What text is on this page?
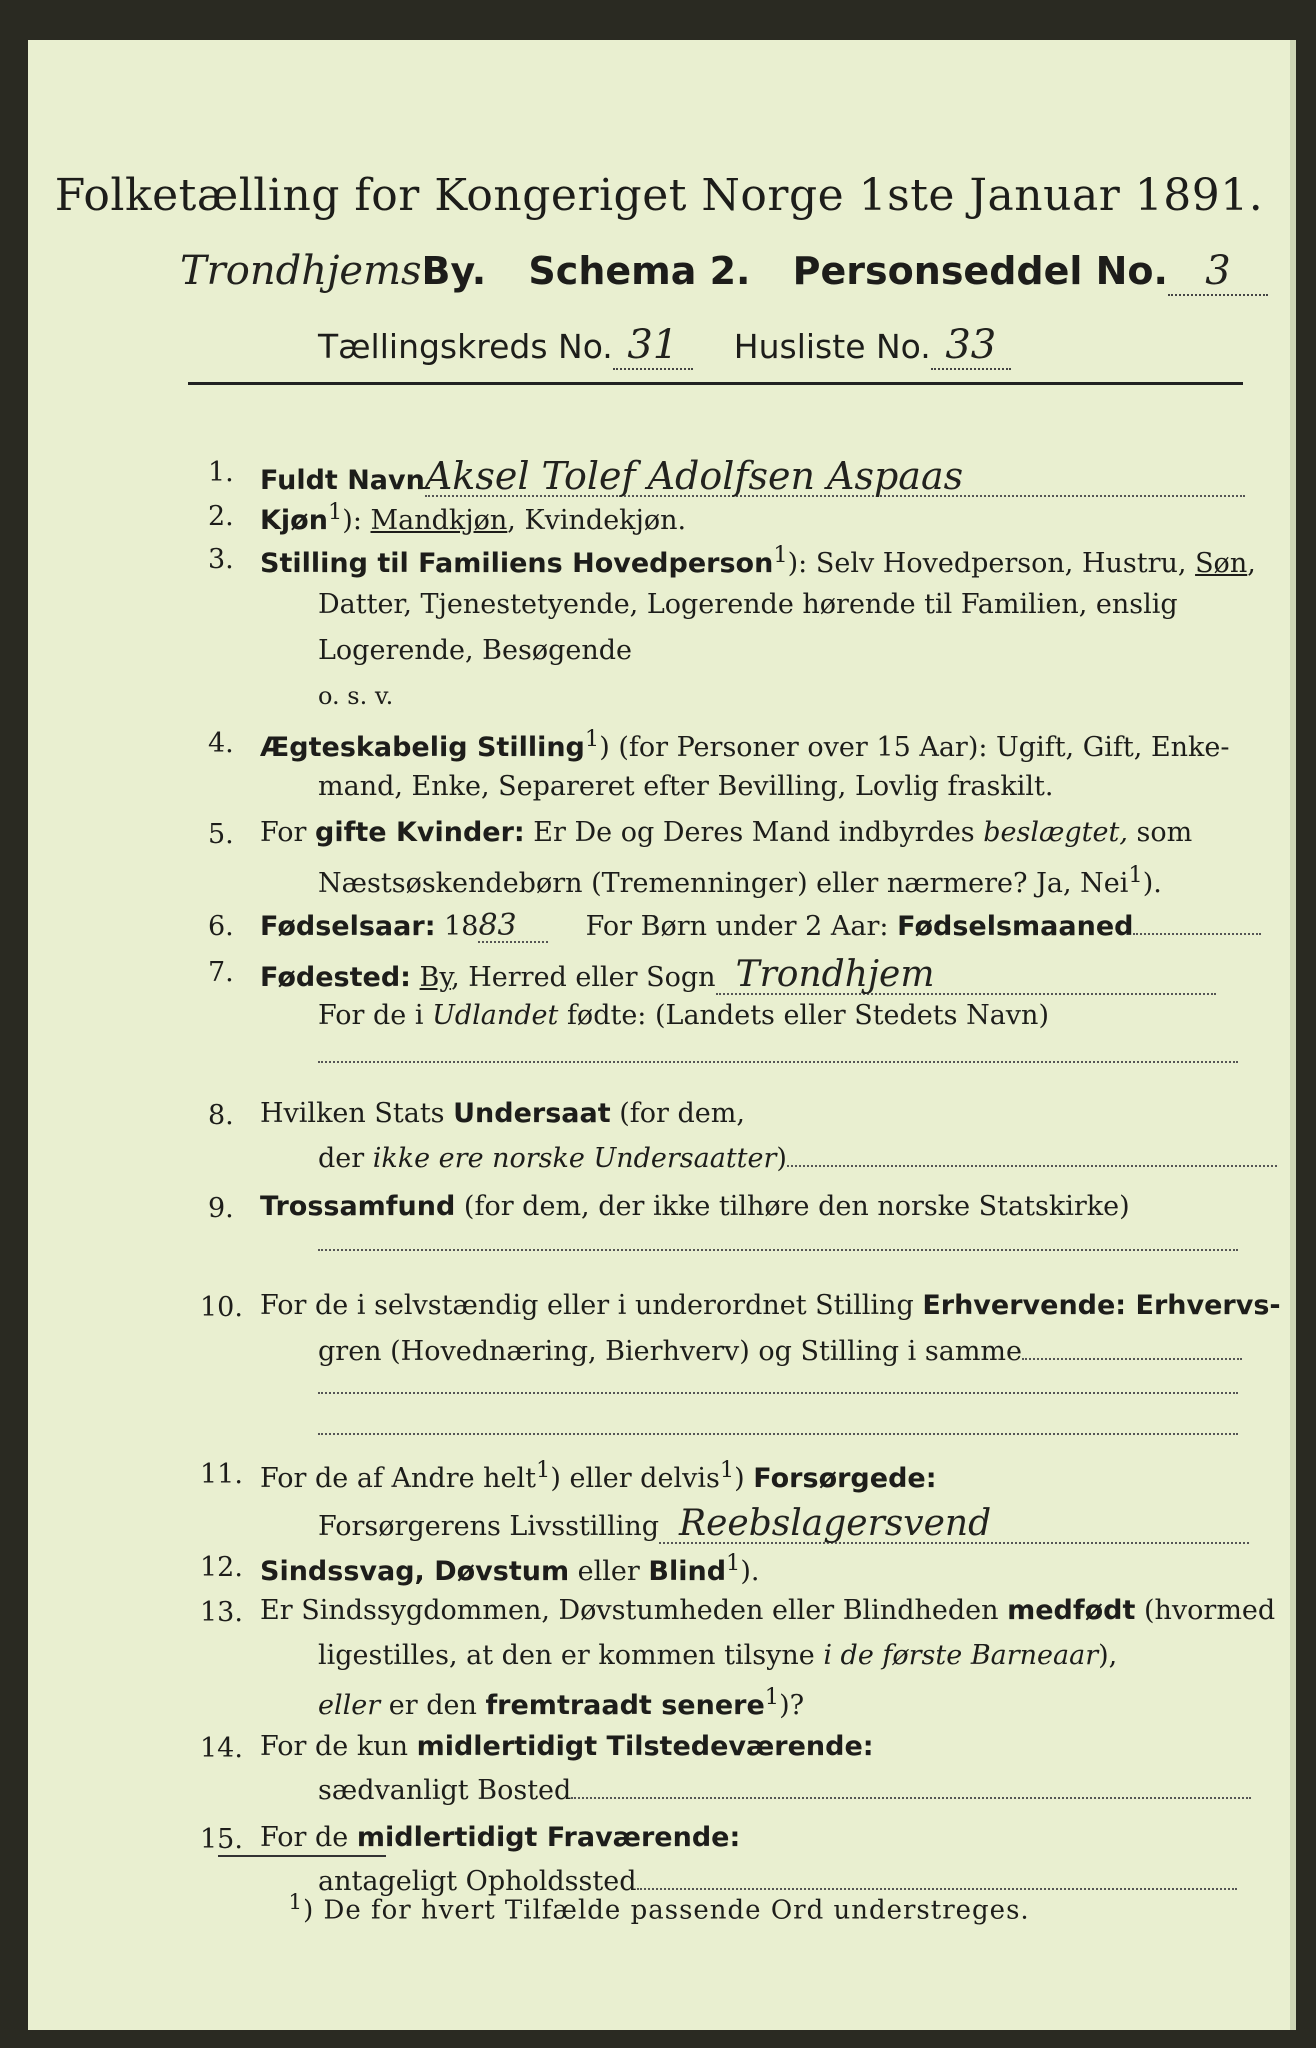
Folketælling for Kongeriget Norge 1ste Januar 1891.
TrondhjemsBy. Schema 2. Personseddel No. 3
Tællingskreds No. 31 Husliste No. 33
1. Fuldt NavnAksel Tolef Adolfsen Aspaas
2. Kjøn$^1$): Mandkjøn, Kvindekjøn.
3. Stilling til Familiens Hovedperson$^1$): Selv Hovedperson, Hustru, Søn,
Datter, Tjenestetyende, Logerende hørende til Familien, enslig
Logerende, Besøgende
o. s. v.
4. Ægteskabelig Stilling$^1$) (for Personer over 15 Aar): Ugift, Gift, Enke-
mand, Enke, Separeret efter Bevilling, Lovlig fraskilt.
5. For gifte Kvinder: Er De og Deres Mand indbyrdes beslægtet, som
Næstsøskendebørn (Tremenninger) eller nærmere? Ja, Nei$^1$).
6. Fødselsaar: 1883	For Børn under 2 Aar: Fødselsmaaned
7. Fødested: By, Herred eller Sogn Trondhjem
For de i Udlandet fødte: (Landets eller Stedets Navn)
8. Hvilken Stats Undersaat (for dem,
der ikke ere norske Undersaatter)
9. Trossamfund (for dem, der ikke tilhøre den norske Statskirke)
10. For de i selvstændig eller i underordnet Stilling Erhvervende: Erhvervs-
gren (Hovednæring, Bierhverv) og Stilling i samme
11. For de af Andre helt$^1$) eller delvis$^1$) Forsørgede:
Forsørgerens Livsstilling Reebslagersvend
12. Sindssvag, Døvstum eller Blind$^1$).
13. Er Sindssygdommen, Døvstumheden eller Blindheden medfødt (hvormed
ligestilles, at den er kommen tilsyne i de første Barneaar),
eller er den fremtraadt senere$^1$)?
14. For de kun midlertidigt Tilstedeværende:
sædvanligt Bosted
15. For de midlertidigt Fraværende:
antageligt Opholdssted
$^1$) De for hvert Tilfælde passende Ord understreges.
